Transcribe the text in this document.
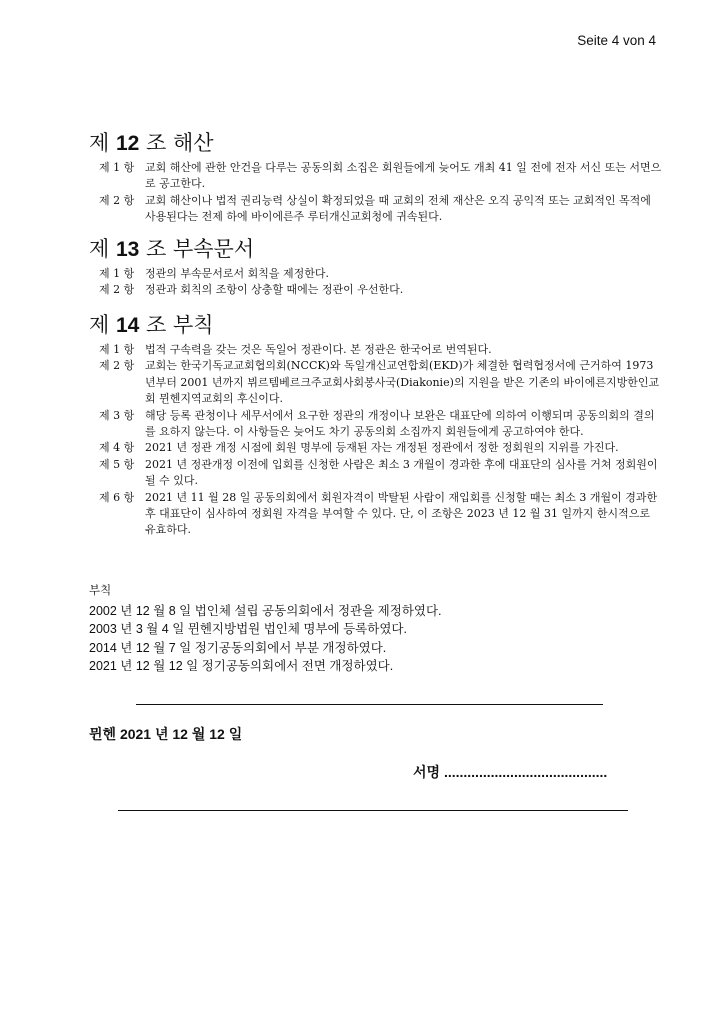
Seite 4 von 4
제 12 조 해산
제 1 항 교회 해산에 관한 안건을 다루는 공동의회 소집은 회원들에게 늦어도 개최 41 일 전에 전자 서신 또는 서면으로 공고한다.
제 2 항 교회 해산이나 법적 권리능력 상실이 확정되었을 때 교회의 전체 재산은 오직 공익적 또는 교회적인 목적에 사용된다는 전제 하에 바이에른주 루터개신교회청에 귀속된다.
제 13 조 부속문서
제 1 항 정관의 부속문서로서 회칙을 제정한다.
제 2 항 정관과 회칙의 조항이 상충할 때에는 정관이 우선한다.
제 14 조 부칙
제 1 항 법적 구속력을 갖는 것은 독일어 정관이다. 본 정관은 한국어로 번역된다.
제 2 항 교회는 한국기독교교회협의회(NCCK)와 독일개신교연합회(EKD)가 체결한 협력협정서에 근거하여 1973 년부터 2001 년까지 뷔르템베르크주교회사회봉사국(Diakonie)의 지원을 받은 기존의 바이에른지방한인교회 뮌헨지역교회의 후신이다.
제 3 항 해당 등록 관청이나 세무서에서 요구한 정관의 개정이나 보완은 대표단에 의하여 이행되며 공동의회의 결의를 요하지 않는다. 이 사항들은 늦어도 차기 공동의회 소집까지 회원들에게 공고하여야 한다.
제 4 항 2021 년 정관 개정 시점에 회원 명부에 등재된 자는 개정된 정관에서 정한 정회원의 지위를 가진다.
제 5 항 2021 년 정관개정 이전에 입회를 신청한 사람은 최소 3 개월이 경과한 후에 대표단의 심사를 거쳐 정회원이 될 수 있다.
제 6 항 2021 년 11 월 28 일 공동의회에서 회원자격이 박탈된 사람이 재입회를 신청할 때는 최소 3 개월이 경과한 후 대표단이 심사하여 정회원 자격을 부여할 수 있다. 단, 이 조항은 2023 년 12 월 31 일까지 한시적으로 유효하다.
부칙
2002 년 12 월 8 일 법인체 설립 공동의회에서 정관을 제정하였다.
2003 년 3 월 4 일 뮌헨지방법원 법인체 명부에 등록하였다.
2014 년 12 월 7 일 정기공동의회에서 부분 개정하였다.
2021 년 12 월 12 일 정기공동의회에서 전면 개정하였다.
뮌헨 2021 년 12 월 12 일
서명 ..........................................
